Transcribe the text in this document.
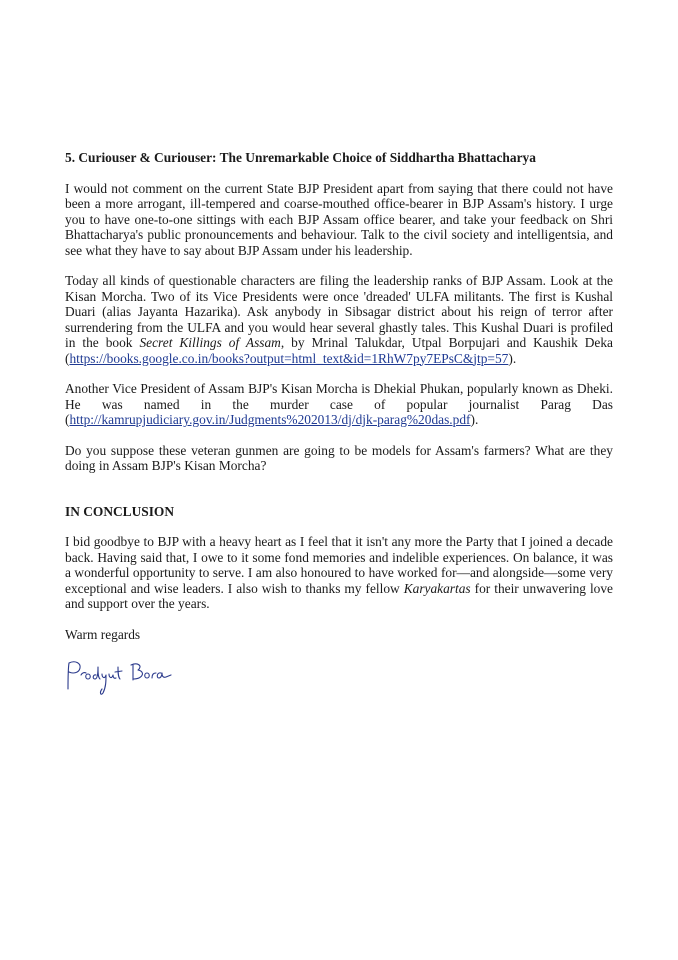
5. Curiouser & Curiouser: The Unremarkable Choice of Siddhartha Bhattacharya

I would not comment on the current State BJP President apart from saying that there could not have been a more arrogant, ill-tempered and coarse-mouthed office-bearer in BJP Assam's history. I urge you to have one-to-one sittings with each BJP Assam office bearer, and take your feedback on Shri Bhattacharya's public pronouncements and behaviour. Talk to the civil society and intelligentsia, and see what they have to say about BJP Assam under his leadership.

Today all kinds of questionable characters are filing the leadership ranks of BJP Assam. Look at the Kisan Morcha. Two of its Vice Presidents were once 'dreaded' ULFA militants. The first is Kushal Duari (alias Jayanta Hazarika). Ask anybody in Sibsagar district about his reign of terror after surrendering from the ULFA and you would hear several ghastly tales. This Kushal Duari is profiled in the book Secret Killings of Assam, by Mrinal Talukdar, Utpal Borpujari and Kaushik Deka (https://books.google.co.in/books?output=html_text&id=1RhW7py7EPsC&jtp=57).

Another Vice President of Assam BJP's Kisan Morcha is Dhekial Phukan, popularly known as Dheki. He was named in the murder case of popular journalist Parag Das (http://kamrupjudiciary.gov.in/Judgments%202013/dj/djk-parag%20das.pdf).

Do you suppose these veteran gunmen are going to be models for Assam's farmers? What are they doing in Assam BJP's Kisan Morcha?

IN CONCLUSION

I bid goodbye to BJP with a heavy heart as I feel that it isn't any more the Party that I joined a decade back. Having said that, I owe to it some fond memories and indelible experiences. On balance, it was a wonderful opportunity to serve. I am also honoured to have worked for—and alongside—some very exceptional and wise leaders. I also wish to thanks my fellow Karyakartas for their unwavering love and support over the years.

Warm regards
